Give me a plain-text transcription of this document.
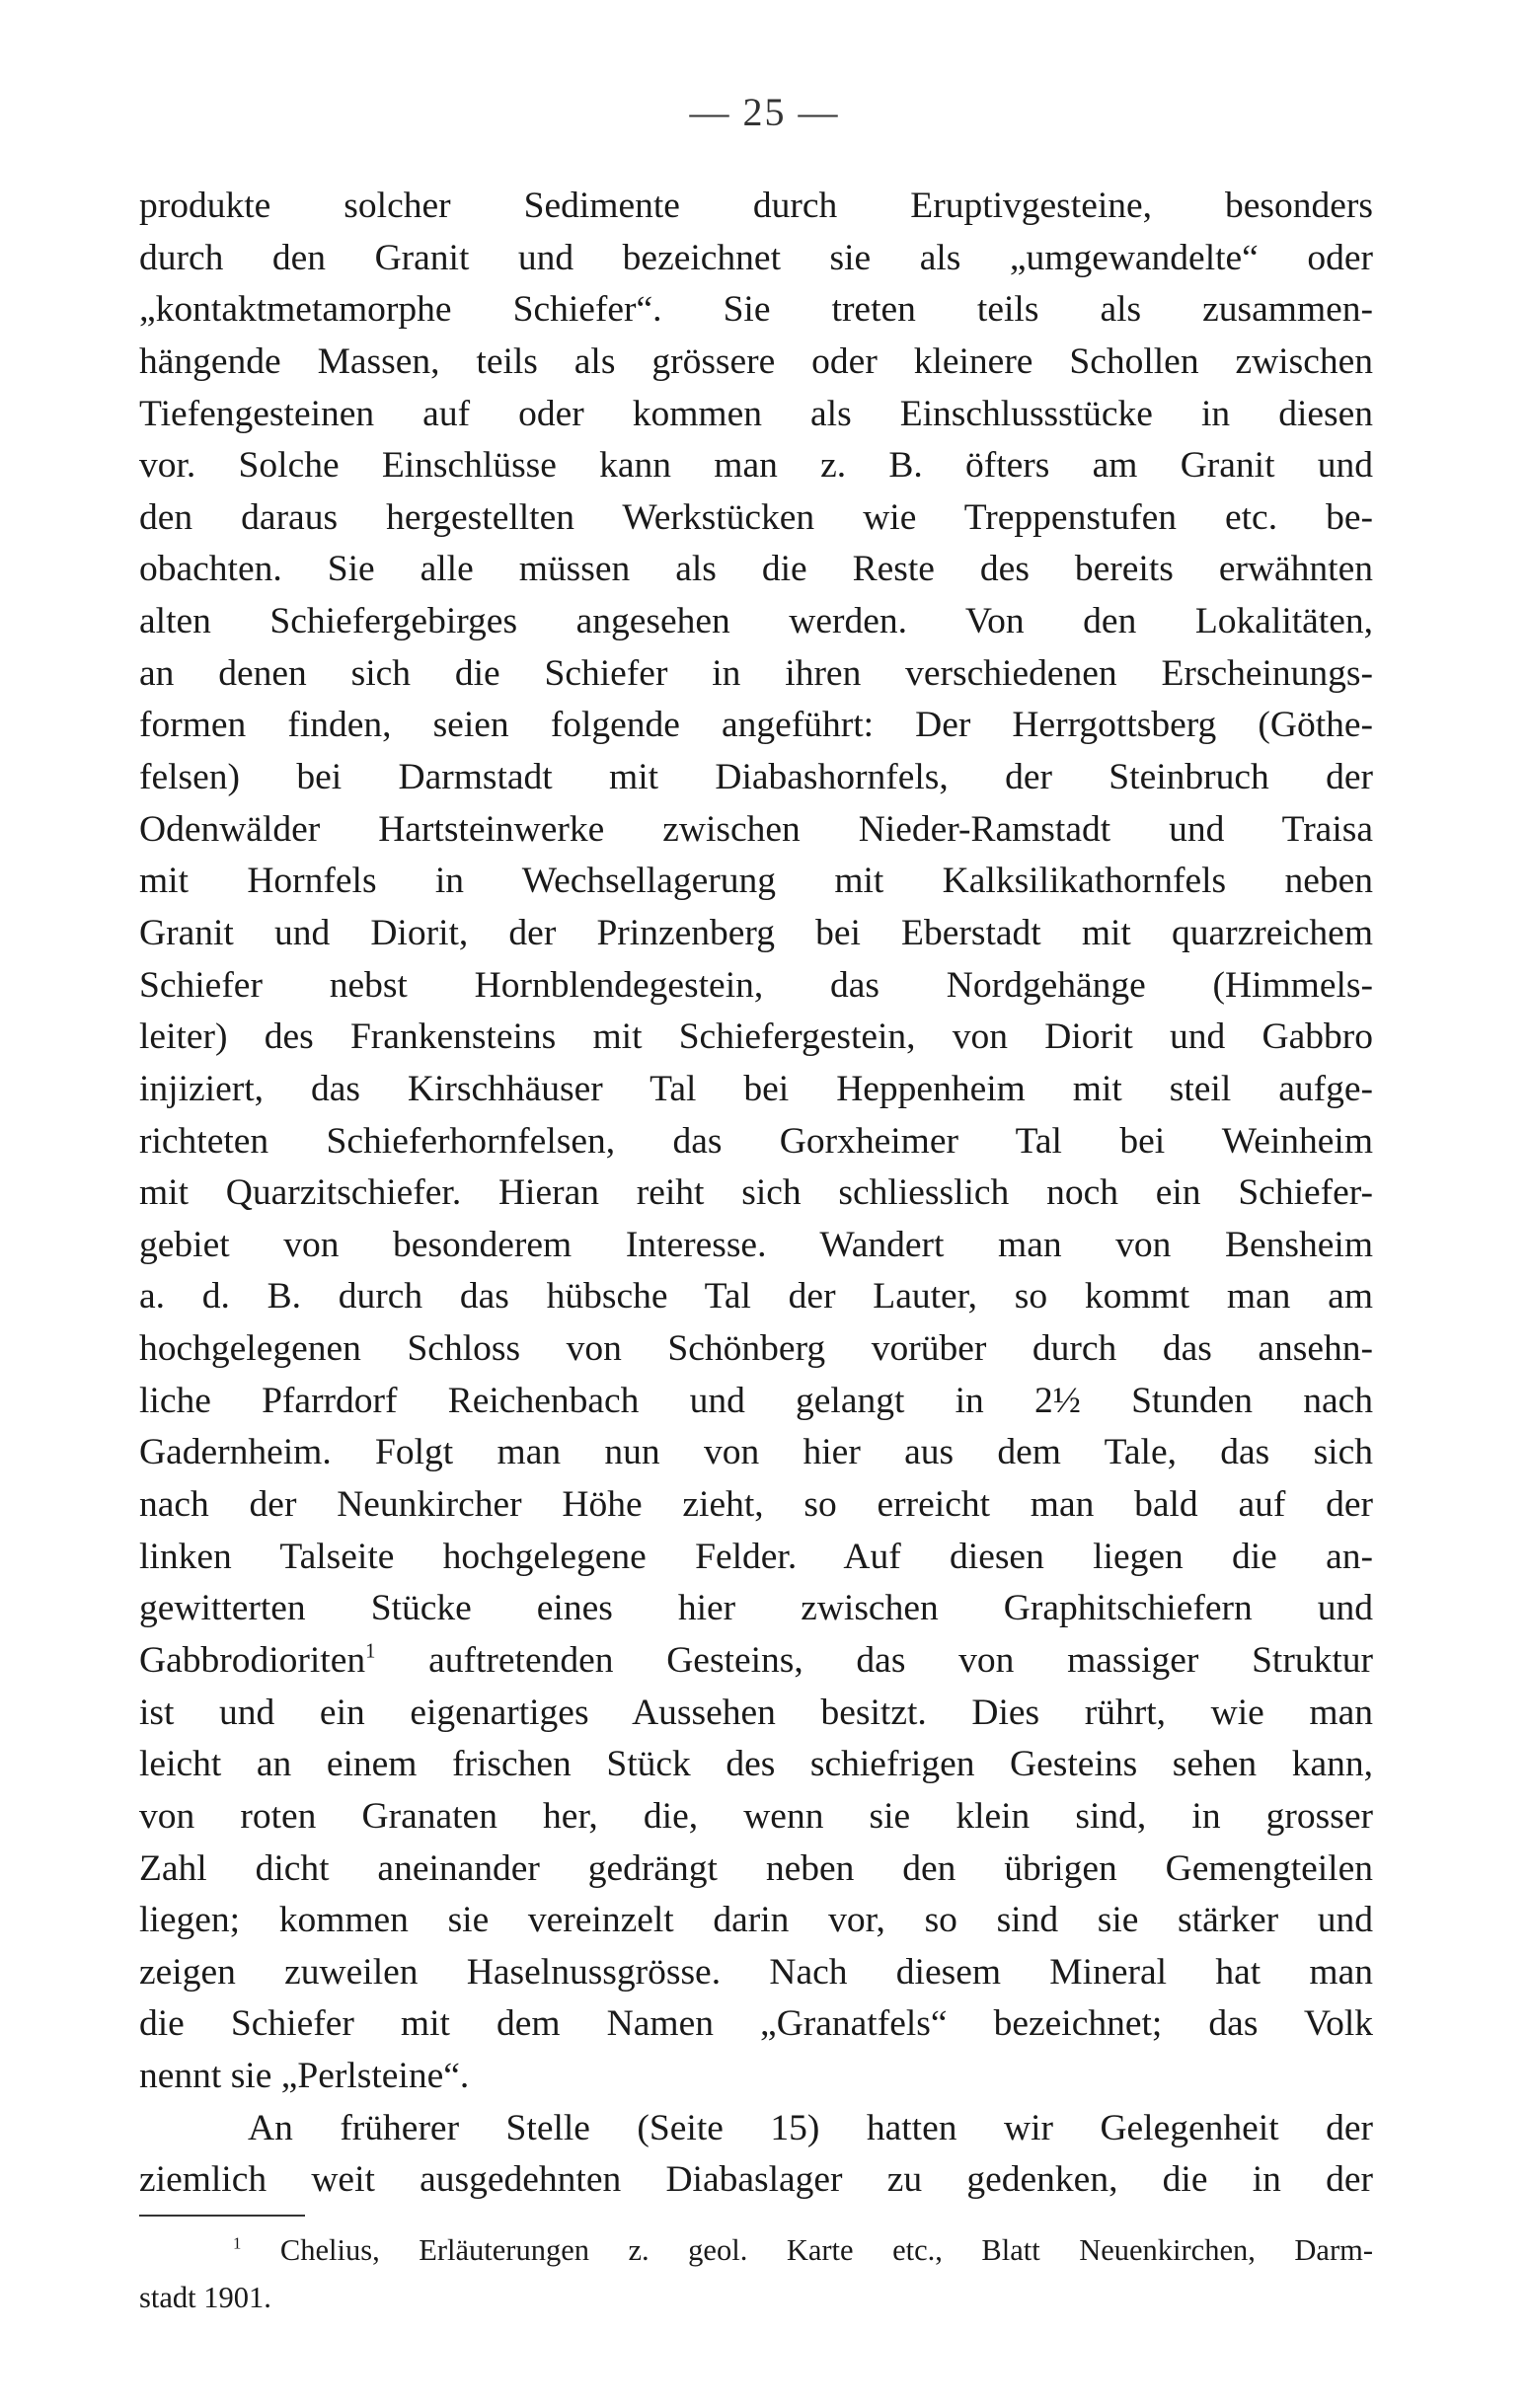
— 25 —
produkte solcher Sedimente durch Eruptivgesteine, besonders
durch den Granit und bezeichnet sie als „umgewandelte“ oder
„kontaktmetamorphe Schiefer“. Sie treten teils als zusammen-
hängende Massen, teils als grössere oder kleinere Schollen zwischen
Tiefengesteinen auf oder kommen als Einschlussstücke in diesen
vor. Solche Einschlüsse kann man z. B. öfters am Granit und
den daraus hergestellten Werkstücken wie Treppenstufen etc. be-
obachten. Sie alle müssen als die Reste des bereits erwähnten
alten Schiefergebirges angesehen werden. Von den Lokalitäten,
an denen sich die Schiefer in ihren verschiedenen Erscheinungs-
formen finden, seien folgende angeführt: Der Herrgottsberg (Göthe-
felsen) bei Darmstadt mit Diabashornfels, der Steinbruch der
Odenwälder Hartsteinwerke zwischen Nieder-Ramstadt und Traisa
mit Hornfels in Wechsellagerung mit Kalksilikathornfels neben
Granit und Diorit, der Prinzenberg bei Eberstadt mit quarzreichem
Schiefer nebst Hornblendegestein, das Nordgehänge (Himmels-
leiter) des Frankensteins mit Schiefergestein, von Diorit und Gabbro
injiziert, das Kirschhäuser Tal bei Heppenheim mit steil aufge-
richteten Schieferhornfelsen, das Gorxheimer Tal bei Weinheim
mit Quarzitschiefer. Hieran reiht sich schliesslich noch ein Schiefer-
gebiet von besonderem Interesse. Wandert man von Bensheim
a. d. B. durch das hübsche Tal der Lauter, so kommt man am
hochgelegenen Schloss von Schönberg vorüber durch das ansehn-
liche Pfarrdorf Reichenbach und gelangt in 2½ Stunden nach
Gadernheim. Folgt man nun von hier aus dem Tale, das sich
nach der Neunkircher Höhe zieht, so erreicht man bald auf der
linken Talseite hochgelegene Felder. Auf diesen liegen die an-
gewitterten Stücke eines hier zwischen Graphitschiefern und
Gabbrodioriten$^1$ auftretenden Gesteins, das von massiger Struktur
ist und ein eigenartiges Aussehen besitzt. Dies rührt, wie man
leicht an einem frischen Stück des schiefrigen Gesteins sehen kann,
von roten Granaten her, die, wenn sie klein sind, in grosser
Zahl dicht aneinander gedrängt neben den übrigen Gemengteilen
liegen; kommen sie vereinzelt darin vor, so sind sie stärker und
zeigen zuweilen Haselnussgrösse. Nach diesem Mineral hat man
die Schiefer mit dem Namen „Granatfels“ bezeichnet; das Volk
nennt sie „Perlsteine“.
An früherer Stelle (Seite 15) hatten wir Gelegenheit der
ziemlich weit ausgedehnten Diabaslager zu gedenken, die in der
$^1$ Chelius, Erläuterungen z. geol. Karte etc., Blatt Neuenkirchen, Darm-
stadt 1901.
